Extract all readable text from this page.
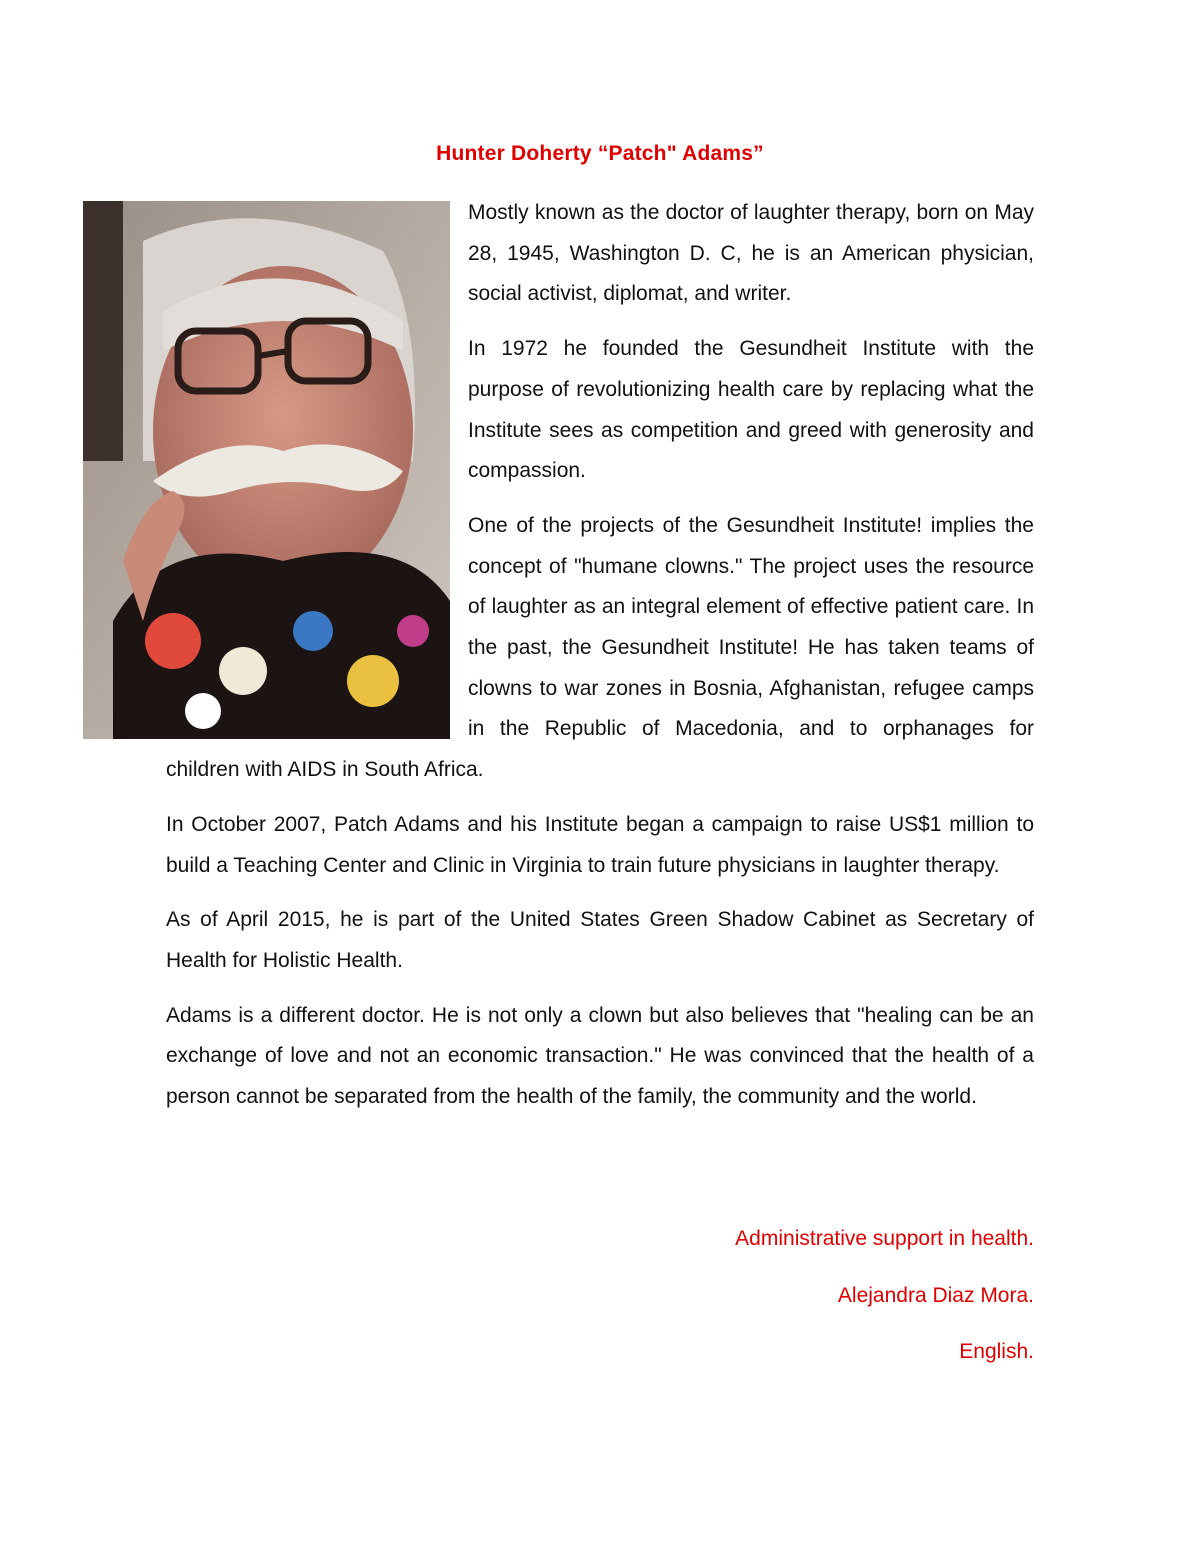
Hunter Doherty “Patch" Adams”

Mostly known as the doctor of laughter therapy, born on May 28, 1945, Washington D. C, he is an American physician, social activist, diplomat, and writer.

In 1972 he founded the Gesundheit Institute with the purpose of revolutionizing health care by replacing what the Institute sees as competition and greed with generosity and compassion.

One of the projects of the Gesundheit Institute! implies the concept of "humane clowns." The project uses the resource of laughter as an integral element of effective patient care. In the past, the Gesundheit Institute! He has taken teams of clowns to war zones in Bosnia, Afghanistan, refugee camps in the Republic of Macedonia, and to orphanages for children with AIDS in South Africa.

In October 2007, Patch Adams and his Institute began a campaign to raise US$1 million to build a Teaching Center and Clinic in Virginia to train future physicians in laughter therapy.

As of April 2015, he is part of the United States Green Shadow Cabinet as Secretary of Health for Holistic Health.

Adams is a different doctor. He is not only a clown but also believes that "healing can be an exchange of love and not an economic transaction." He was convinced that the health of a person cannot be separated from the health of the family, the community and the world.

Administrative support in health.
Alejandra Diaz Mora.
English.
